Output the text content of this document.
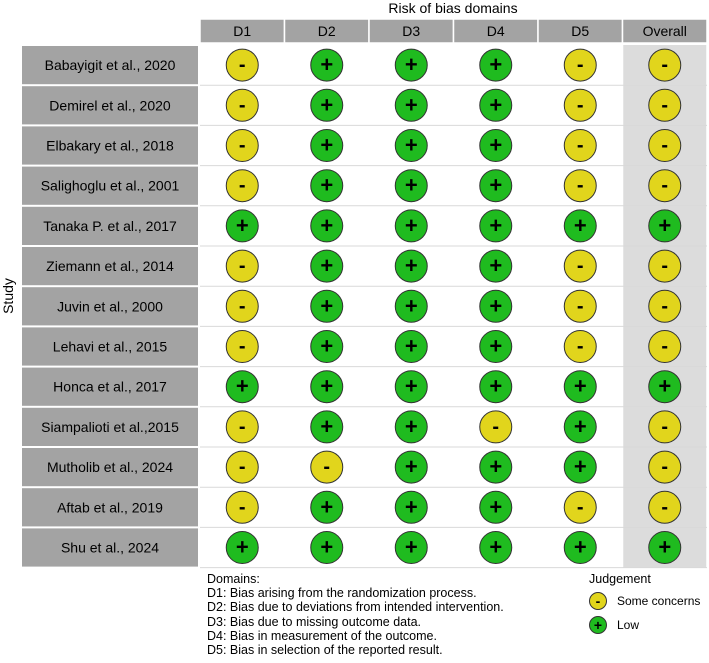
Risk of bias domains
Study
D1	D2	D3	D4	D5	Overall
Babayigit et al., 2020	-	+	+	+	-	-
Demirel et al., 2020	-	+	+	+	-	-
Elbakary et al., 2018	-	+	+	+	-	-
Salighoglu et al., 2001	-	+	+	+	-	-
Tanaka P. et al., 2017	+	+	+	+	+	+
Ziemann et al., 2014	-	+	+	+	-	-
Juvin et al., 2000	-	+	+	+	-	-
Lehavi et al., 2015	-	+	+	+	-	-
Honca et al., 2017	+	+	+	+	+	+
Siampalioti et al.,2015	-	+	+	-	+	-
Mutholib et al., 2024	-	-	+	+	+	-
Aftab et al., 2019	-	+	+	+	-	-
Shu et al., 2024	+	+	+	+	+	+
Domains:
D1: Bias arising from the randomization process.
D2: Bias due to deviations from intended intervention.
D3: Bias due to missing outcome data.
D4: Bias in measurement of the outcome.
D5: Bias in selection of the reported result.
Judgement
-	Some concerns
+	Low
